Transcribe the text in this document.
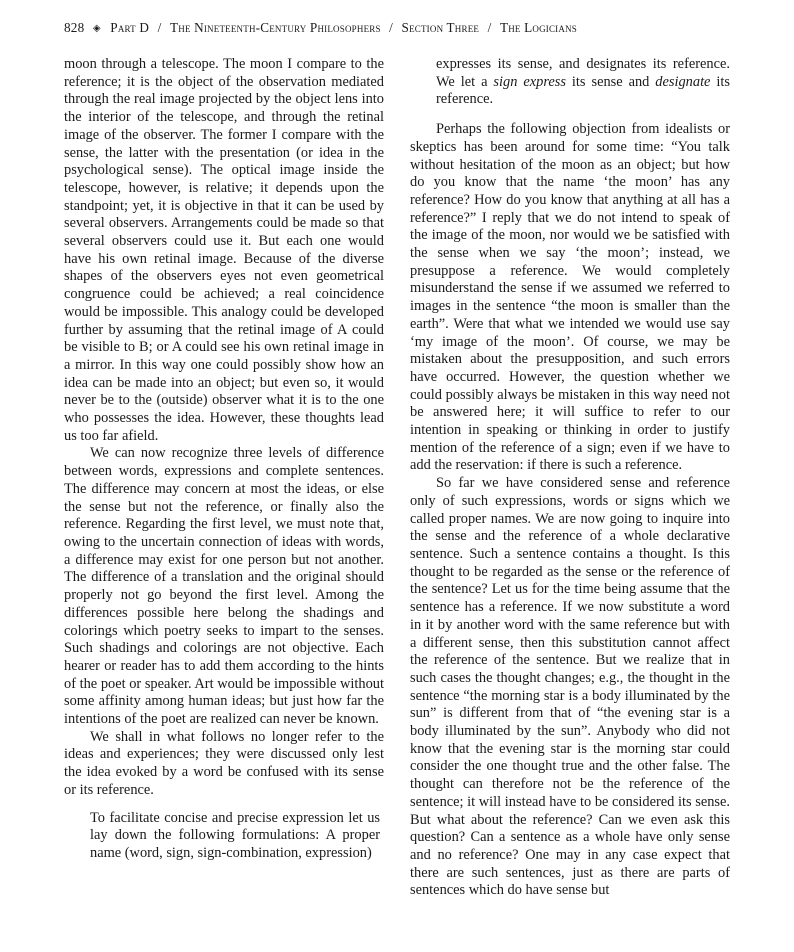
828 ◈ Part D / The Nineteenth-Century Philosophers / Section Three / The Logicians

moon through a telescope. The moon I compare to the reference; it is the object of the observation mediated through the real image projected by the object lens into the interior of the telescope, and through the retinal image of the observer. The former I compare with the sense, the latter with the presentation (or idea in the psychological sense). The optical image inside the telescope, however, is relative; it depends upon the standpoint; yet, it is objective in that it can be used by several observers. Arrangements could be made so that several observers could use it. But each one would have his own retinal image. Because of the diverse shapes of the observers eyes not even geometrical congruence could be achieved; a real coincidence would be impossible. This analogy could be developed further by assuming that the retinal image of A could be visible to B; or A could see his own retinal image in a mirror. In this way one could possibly show how an idea can be made into an object; but even so, it would never be to the (outside) observer what it is to the one who possesses the idea. However, these thoughts lead us too far afield.

We can now recognize three levels of difference between words, expressions and complete sentences. The difference may concern at most the ideas, or else the sense but not the reference, or finally also the reference. Regarding the first level, we must note that, owing to the uncertain connection of ideas with words, a difference may exist for one person but not another. The difference of a translation and the original should properly not go beyond the first level. Among the differences possible here belong the shadings and colorings which poetry seeks to impart to the senses. Such shadings and colorings are not objective. Each hearer or reader has to add them according to the hints of the poet or speaker. Art would be impossible without some affinity among human ideas; but just how far the intentions of the poet are realized can never be known.

We shall in what follows no longer refer to the ideas and experiences; they were discussed only lest the idea evoked by a word be confused with its sense or its reference.

To facilitate concise and precise expression let us lay down the following formulations: A proper name (word, sign, sign-combination, expression)

expresses its sense, and designates its reference. We let a sign express its sense and designate its reference.

Perhaps the following objection from idealists or skeptics has been around for some time: “You talk without hesitation of the moon as an object; but how do you know that the name ‘the moon’ has any reference? How do you know that anything at all has a reference?” I reply that we do not intend to speak of the image of the moon, nor would we be satisfied with the sense when we say ‘the moon’; instead, we presuppose a reference. We would completely misunderstand the sense if we assumed we referred to images in the sentence “the moon is smaller than the earth”. Were that what we intended we would use say ‘my image of the moon’. Of course, we may be mistaken about the presupposition, and such errors have occurred. However, the question whether we could possibly always be mistaken in this way need not be answered here; it will suffice to refer to our intention in speaking or thinking in order to justify mention of the reference of a sign; even if we have to add the reservation: if there is such a reference.

So far we have considered sense and reference only of such expressions, words or signs which we called proper names. We are now going to inquire into the sense and the reference of a whole declarative sentence. Such a sentence contains a thought. Is this thought to be regarded as the sense or the reference of the sentence? Let us for the time being assume that the sentence has a reference. If we now substitute a word in it by another word with the same reference but with a different sense, then this substitution cannot affect the reference of the sentence. But we realize that in such cases the thought changes; e.g., the thought in the sentence “the morning star is a body illuminated by the sun” is different from that of “the evening star is a body illuminated by the sun”. Anybody who did not know that the evening star is the morning star could consider the one thought true and the other false. The thought can therefore not be the reference of the sentence; it will instead have to be considered its sense. But what about the reference? Can we even ask this question? Can a sentence as a whole have only sense and no reference? One may in any case expect that there are such sentences, just as there are parts of sentences which do have sense but
